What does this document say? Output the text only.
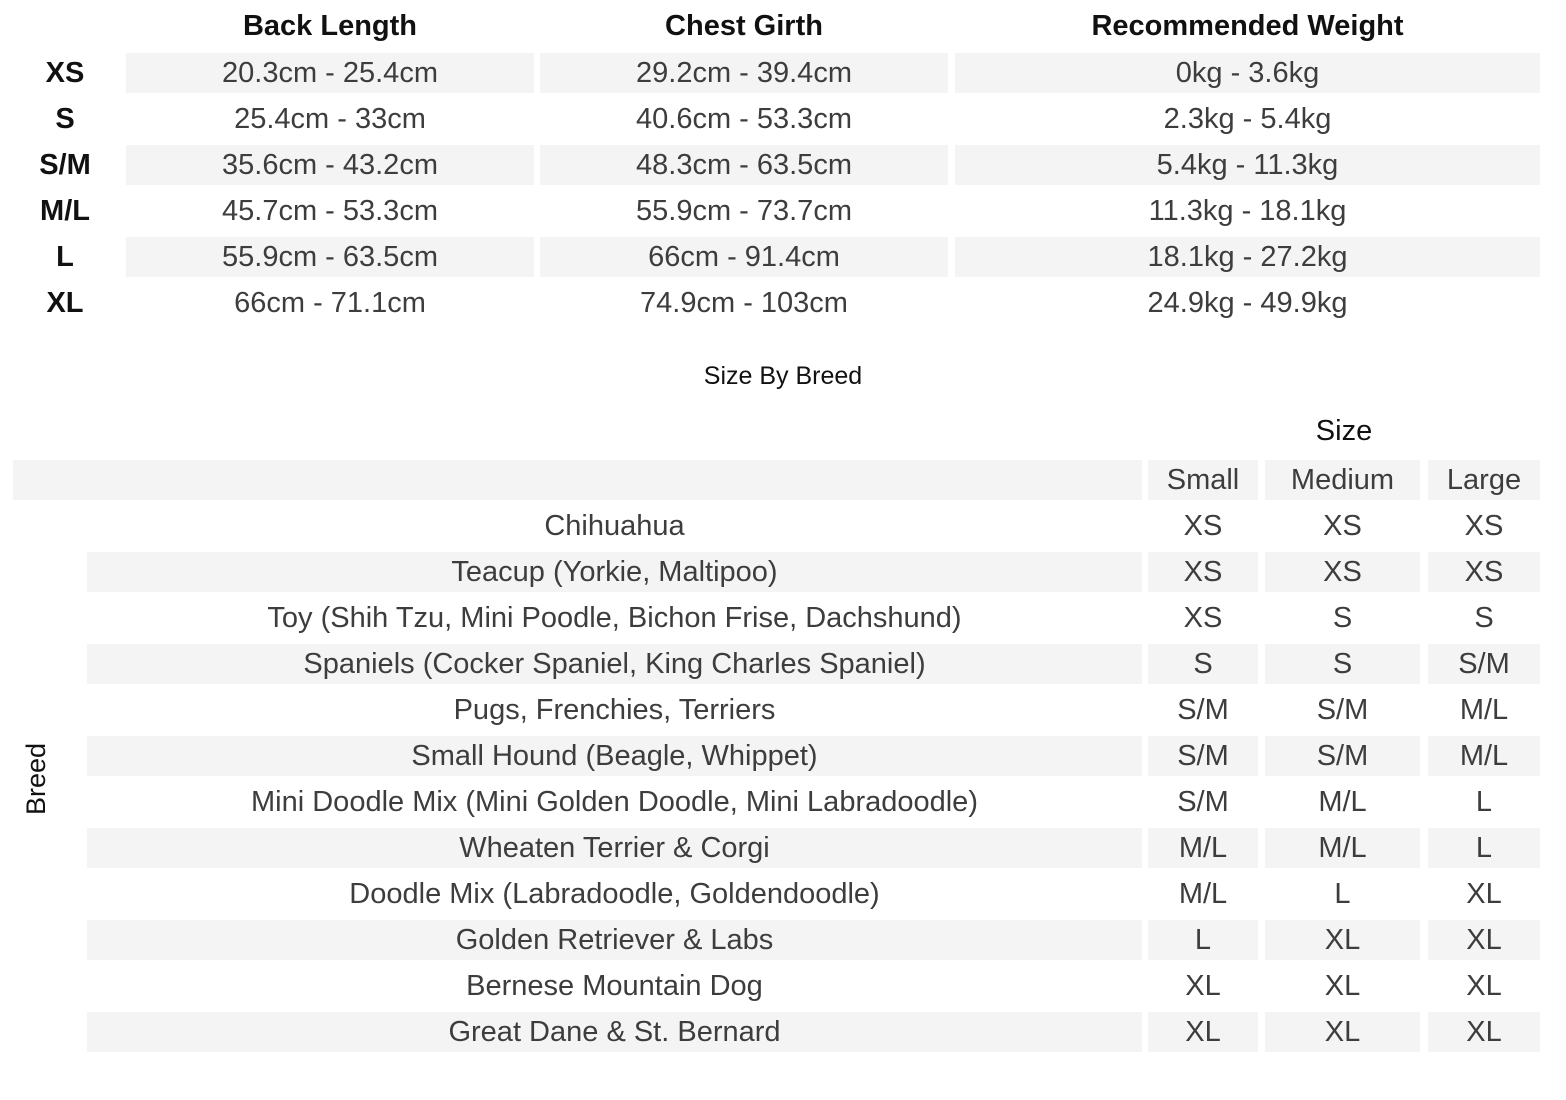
Back Length	Chest Girth	Recommended Weight
XS	20.3cm - 25.4cm	29.2cm - 39.4cm	0kg - 3.6kg
S	25.4cm - 33cm	40.6cm - 53.3cm	2.3kg - 5.4kg
S/M	35.6cm - 43.2cm	48.3cm - 63.5cm	5.4kg - 11.3kg
M/L	45.7cm - 53.3cm	55.9cm - 73.7cm	11.3kg - 18.1kg
L	55.9cm - 63.5cm	66cm - 91.4cm	18.1kg - 27.2kg
XL	66cm - 71.1cm	74.9cm - 103cm	24.9kg - 49.9kg
Size By Breed
Size
Small	Medium	Large
Breed
Chihuahua	XS	XS	XS
Teacup (Yorkie, Maltipoo)	XS	XS	XS
Toy (Shih Tzu, Mini Poodle, Bichon Frise, Dachshund)	XS	S	S
Spaniels (Cocker Spaniel, King Charles Spaniel)	S	S	S/M
Pugs, Frenchies, Terriers	S/M	S/M	M/L
Small Hound (Beagle, Whippet)	S/M	S/M	M/L
Mini Doodle Mix (Mini Golden Doodle, Mini Labradoodle)	S/M	M/L	L
Wheaten Terrier & Corgi	M/L	M/L	L
Doodle Mix (Labradoodle, Goldendoodle)	M/L	L	XL
Golden Retriever & Labs	L	XL	XL
Bernese Mountain Dog	XL	XL	XL
Great Dane & St. Bernard	XL	XL	XL
